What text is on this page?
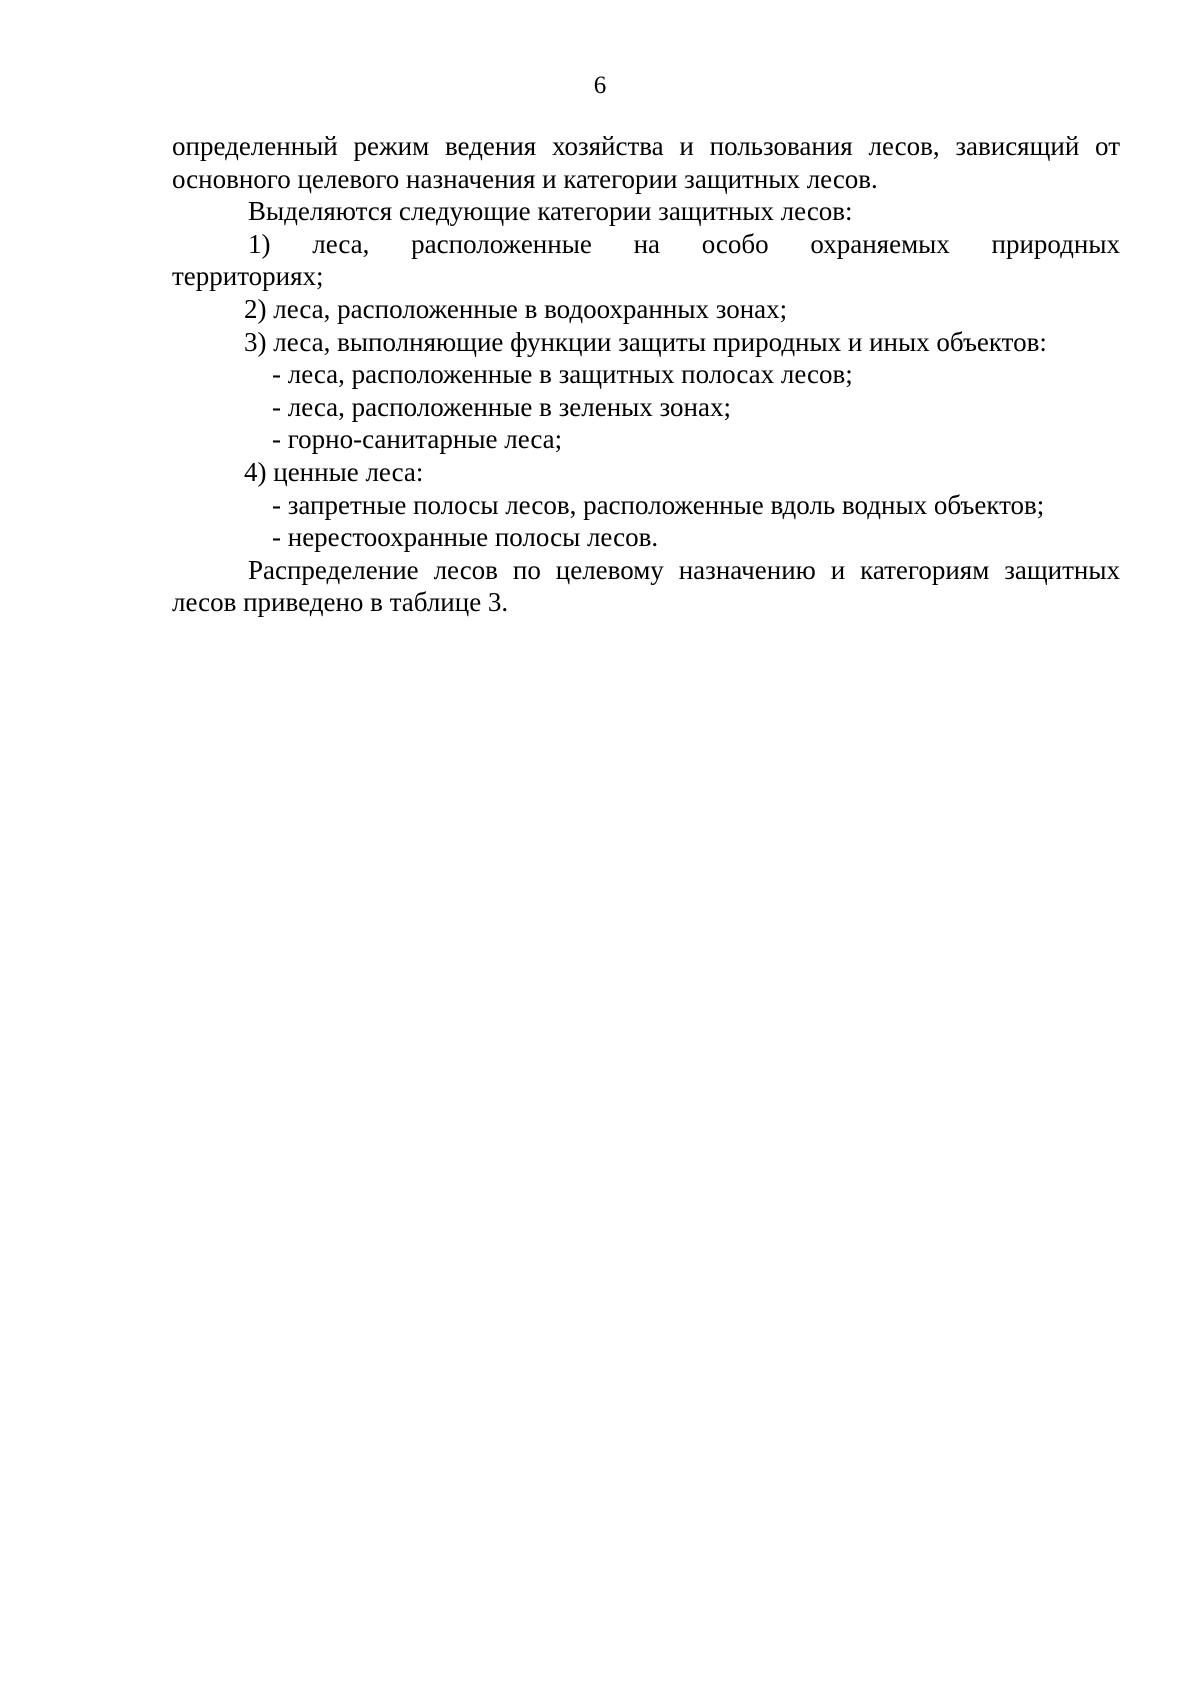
6
определенный режим ведения хозяйства и пользования лесов, зависящий от
основного целевого назначения и категории защитных лесов.
Выделяются следующие категории защитных лесов:
1) леса, расположенные на особо охраняемых природных
территориях;
2) леса, расположенные в водоохранных зонах;
3) леса, выполняющие функции защиты природных и иных объектов:
- леса, расположенные в защитных полосах лесов;
- леса, расположенные в зеленых зонах;
- горно-санитарные леса;
4) ценные леса:
- запретные полосы лесов, расположенные вдоль водных объектов;
- нерестоохранные полосы лесов.
Распределение лесов по целевому назначению и категориям защитных
лесов приведено в таблице 3.
